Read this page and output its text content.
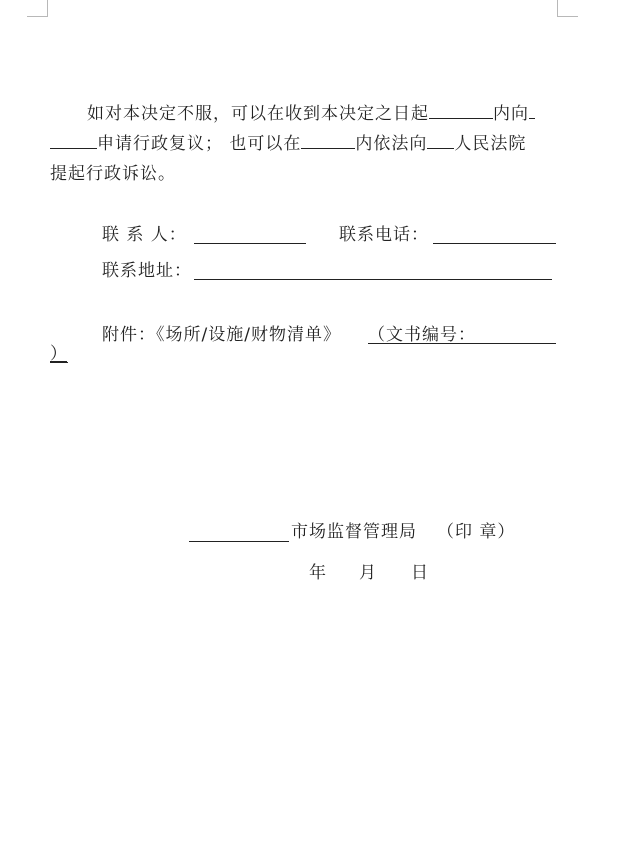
如对本决定不服，可以在收到本决定之日起	内向
申请行政复议； 也可以在	内依法向 人民法院
提起行政诉讼。
联 系 人：	联系电话：
联系地址：
附件：《场所/设施/财物清单》 （文书编号：
）
市场监督管理局 （印 章）
年 月 日
